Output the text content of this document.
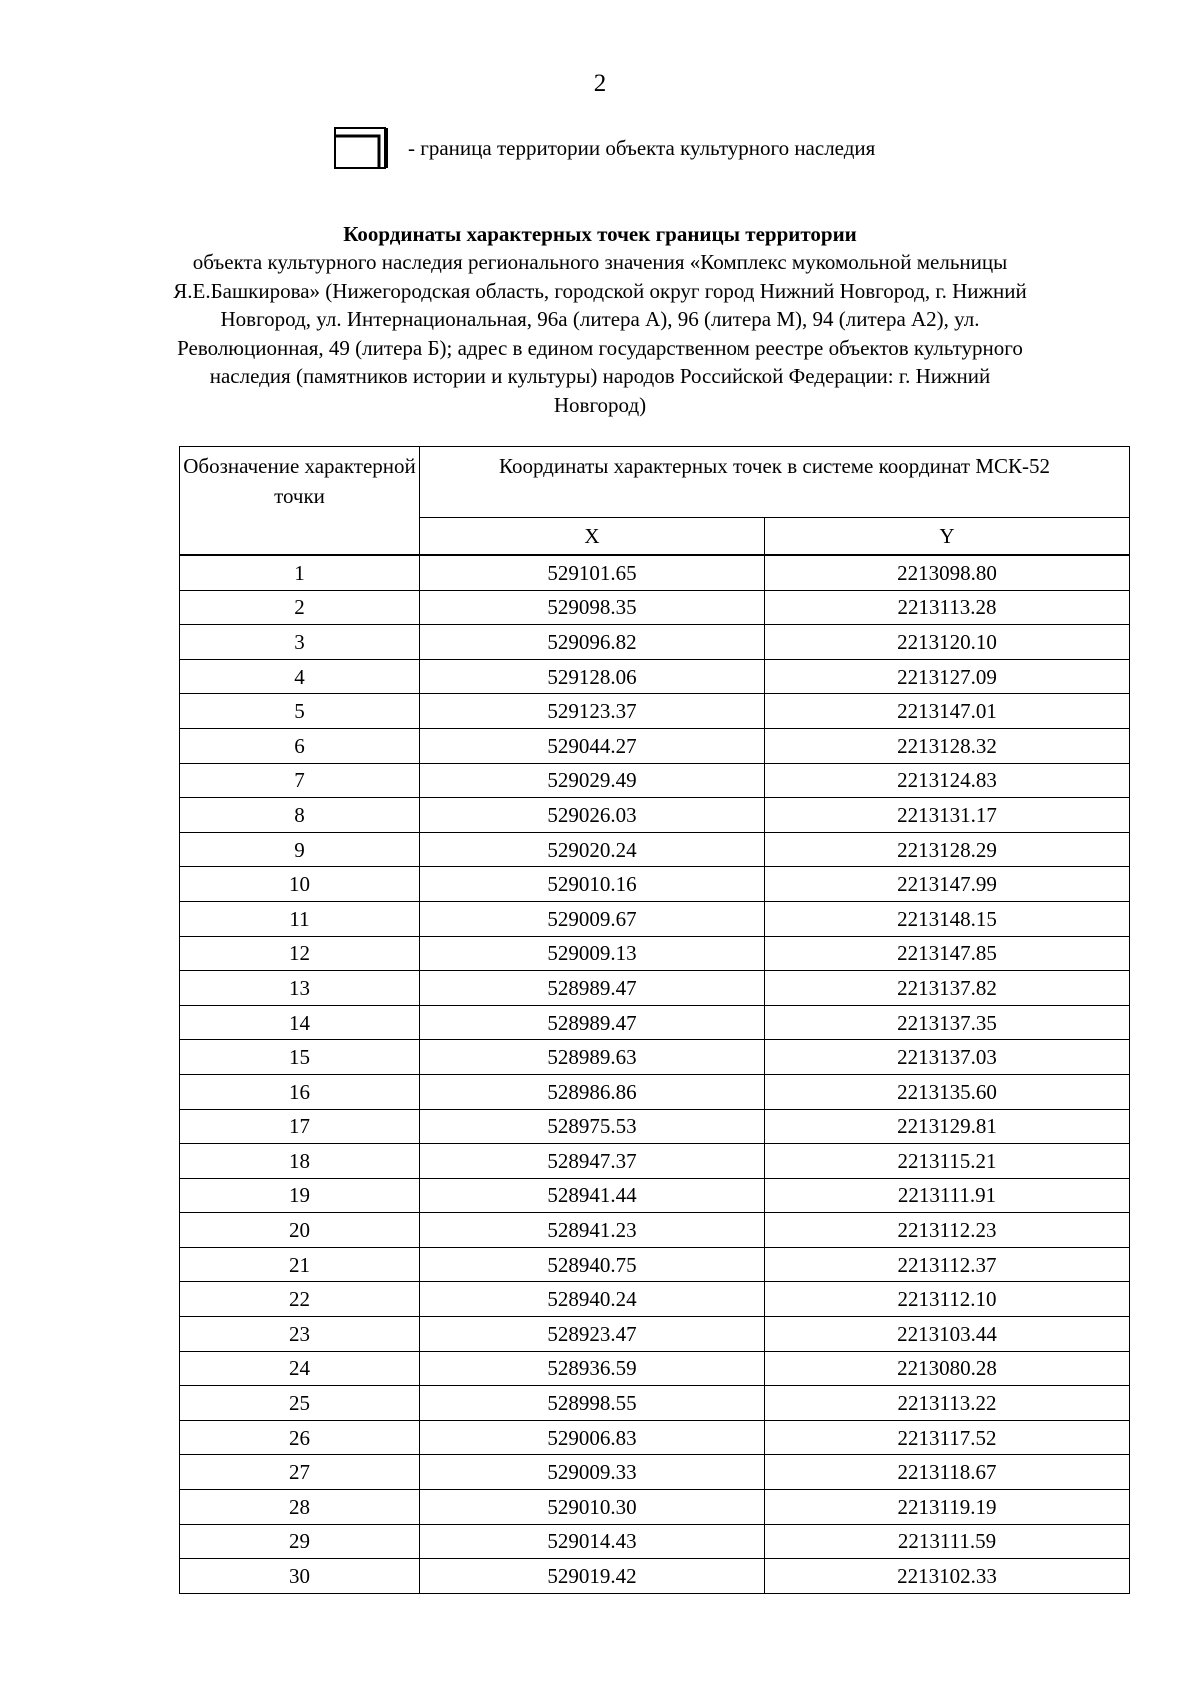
2
- граница территории объекта культурного наследия
Координаты характерных точек границы территории
объекта культурного наследия регионального значения «Комплекс мукомольной мельницы Я.Е.Башкирова» (Нижегородская область, городской округ город Нижний Новгород, г. Нижний Новгород, ул. Интернациональная, 96а (литера А), 96 (литера М), 94 (литера А2), ул. Революционная, 49 (литера Б); адрес в едином государственном реестре объектов культурного наследия (памятников истории и культуры) народов Российской Федерации: г. Нижний Новгород)
Обозначение характерной точки	Координаты характерных точек в системе координат МСК-52	
	X	Y
1	529101.65	2213098.80
2	529098.35	2213113.28
3	529096.82	2213120.10
4	529128.06	2213127.09
5	529123.37	2213147.01
6	529044.27	2213128.32
7	529029.49	2213124.83
8	529026.03	2213131.17
9	529020.24	2213128.29
10	529010.16	2213147.99
11	529009.67	2213148.15
12	529009.13	2213147.85
13	528989.47	2213137.82
14	528989.47	2213137.35
15	528989.63	2213137.03
16	528986.86	2213135.60
17	528975.53	2213129.81
18	528947.37	2213115.21
19	528941.44	2213111.91
20	528941.23	2213112.23
21	528940.75	2213112.37
22	528940.24	2213112.10
23	528923.47	2213103.44
24	528936.59	2213080.28
25	528998.55	2213113.22
26	529006.83	2213117.52
27	529009.33	2213118.67
28	529010.30	2213119.19
29	529014.43	2213111.59
30	529019.42	2213102.33
